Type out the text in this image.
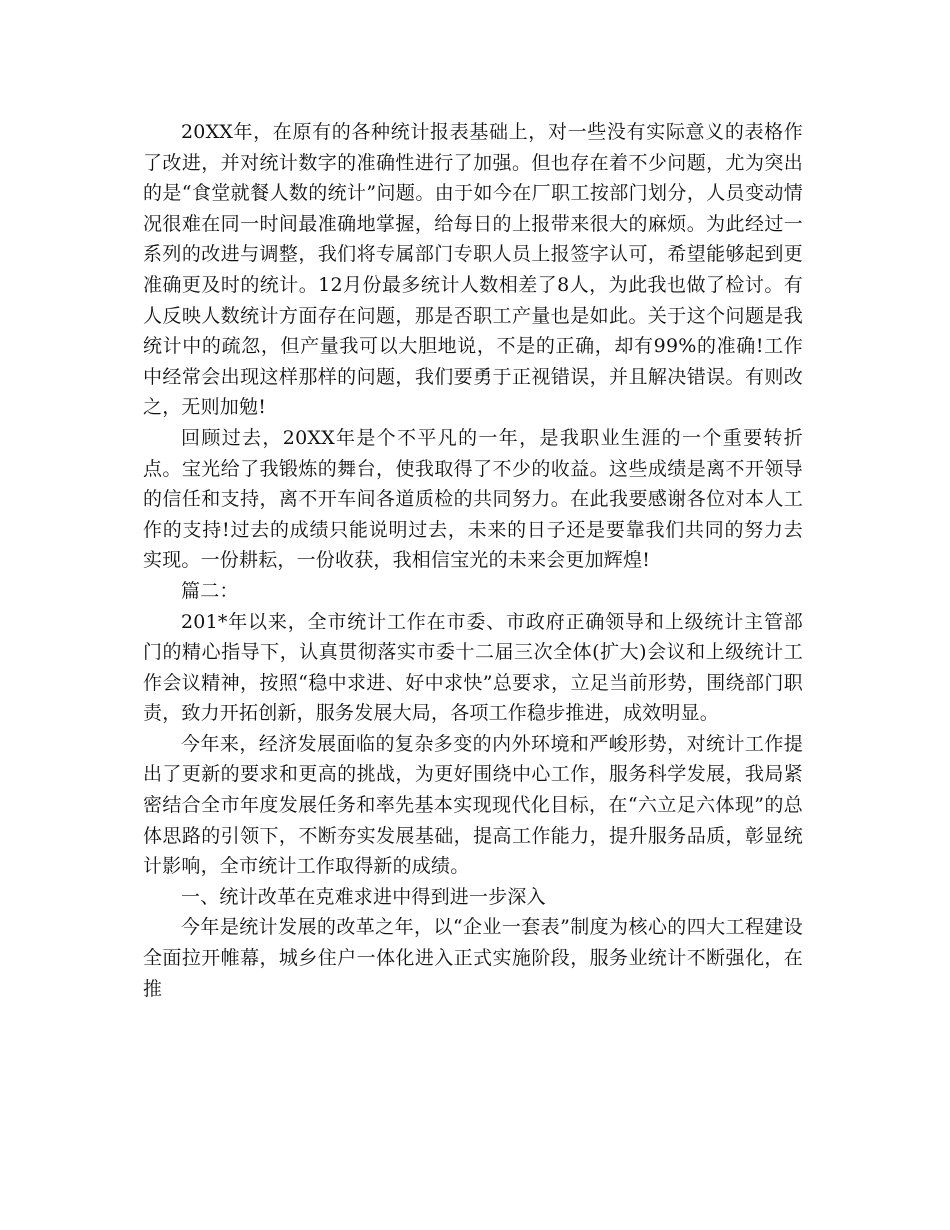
20XX年，在原有的各种统计报表基础上，对一些没有实际意义的表格作了改进，并对统计数字的准确性进行了加强。但也存在着不少问题，尤为突出的是“食堂就餐人数的统计”问题。由于如今在厂职工按部门划分，人员变动情况很难在同一时间最准确地掌握，给每日的上报带来很大的麻烦。为此经过一系列的改进与调整，我们将专属部门专职人员上报签字认可，希望能够起到更准确更及时的统计。12月份最多统计人数相差了8人，为此我也做了检讨。有人反映人数统计方面存在问题，那是否职工产量也是如此。关于这个问题是我统计中的疏忽，但产量我可以大胆地说，不是的正确，却有99%的准确!工作中经常会出现这样那样的问题，我们要勇于正视错误，并且解决错误。有则改之，无则加勉!

回顾过去，20XX年是个不平凡的一年，是我职业生涯的一个重要转折点。宝光给了我锻炼的舞台，使我取得了不少的收益。这些成绩是离不开领导的信任和支持，离不开车间各道质检的共同努力。在此我要感谢各位对本人工作的支持!过去的成绩只能说明过去，未来的日子还是要靠我们共同的努力去实现。一份耕耘，一份收获，我相信宝光的未来会更加辉煌!

篇二：

201*年以来，全市统计工作在市委、市政府正确领导和上级统计主管部门的精心指导下，认真贯彻落实市委十二届三次全体(扩大)会议和上级统计工作会议精神，按照“稳中求进、好中求快”总要求，立足当前形势，围绕部门职责，致力开拓创新，服务发展大局，各项工作稳步推进，成效明显。

今年来，经济发展面临的复杂多变的内外环境和严峻形势，对统计工作提出了更新的要求和更高的挑战，为更好围绕中心工作，服务科学发展，我局紧密结合全市年度发展任务和率先基本实现现代化目标，在“六立足六体现”的总体思路的引领下，不断夯实发展基础，提高工作能力，提升服务品质，彰显统计影响，全市统计工作取得新的成绩。

一、统计改革在克难求进中得到进一步深入

今年是统计发展的改革之年，以“企业一套表”制度为核心的四大工程建设全面拉开帷幕，城乡住户一体化进入正式实施阶段，服务业统计不断强化，在推
